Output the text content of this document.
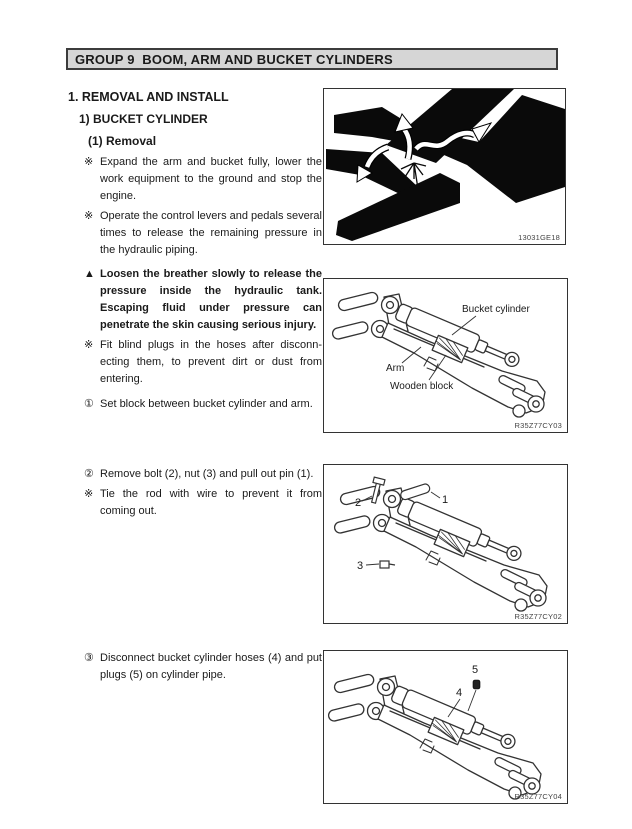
GROUP 9  BOOM, ARM AND BUCKET CYLINDERS
1. REMOVAL AND INSTALL
1) BUCKET CYLINDER
(1) Removal
※ Expand the arm and bucket fully, lower the work equipment to the ground and stop the engine.
※ Operate the control levers and pedals several times to release the remaining pressure in the hydraulic piping.
▲ Loosen the breather slowly to release the pressure inside the hydraulic tank. Escaping fluid under pressure can penetrate the skin causing serious injury.
※ Fit blind plugs in the hoses after disconn-ecting them, to prevent dirt or dust from entering.
① Set block between bucket cylinder and arm.
② Remove bolt (2), nut (3) and pull out pin (1).
※ Tie the rod with wire to prevent it from coming out.
③ Disconnect bucket cylinder hoses (4) and put plugs (5) on cylinder pipe.
13031GE18
Bucket cylinder
Arm
Wooden block
R35Z77CY03
2	1
3
R35Z77CY02
5
4
R35Z77CY04
